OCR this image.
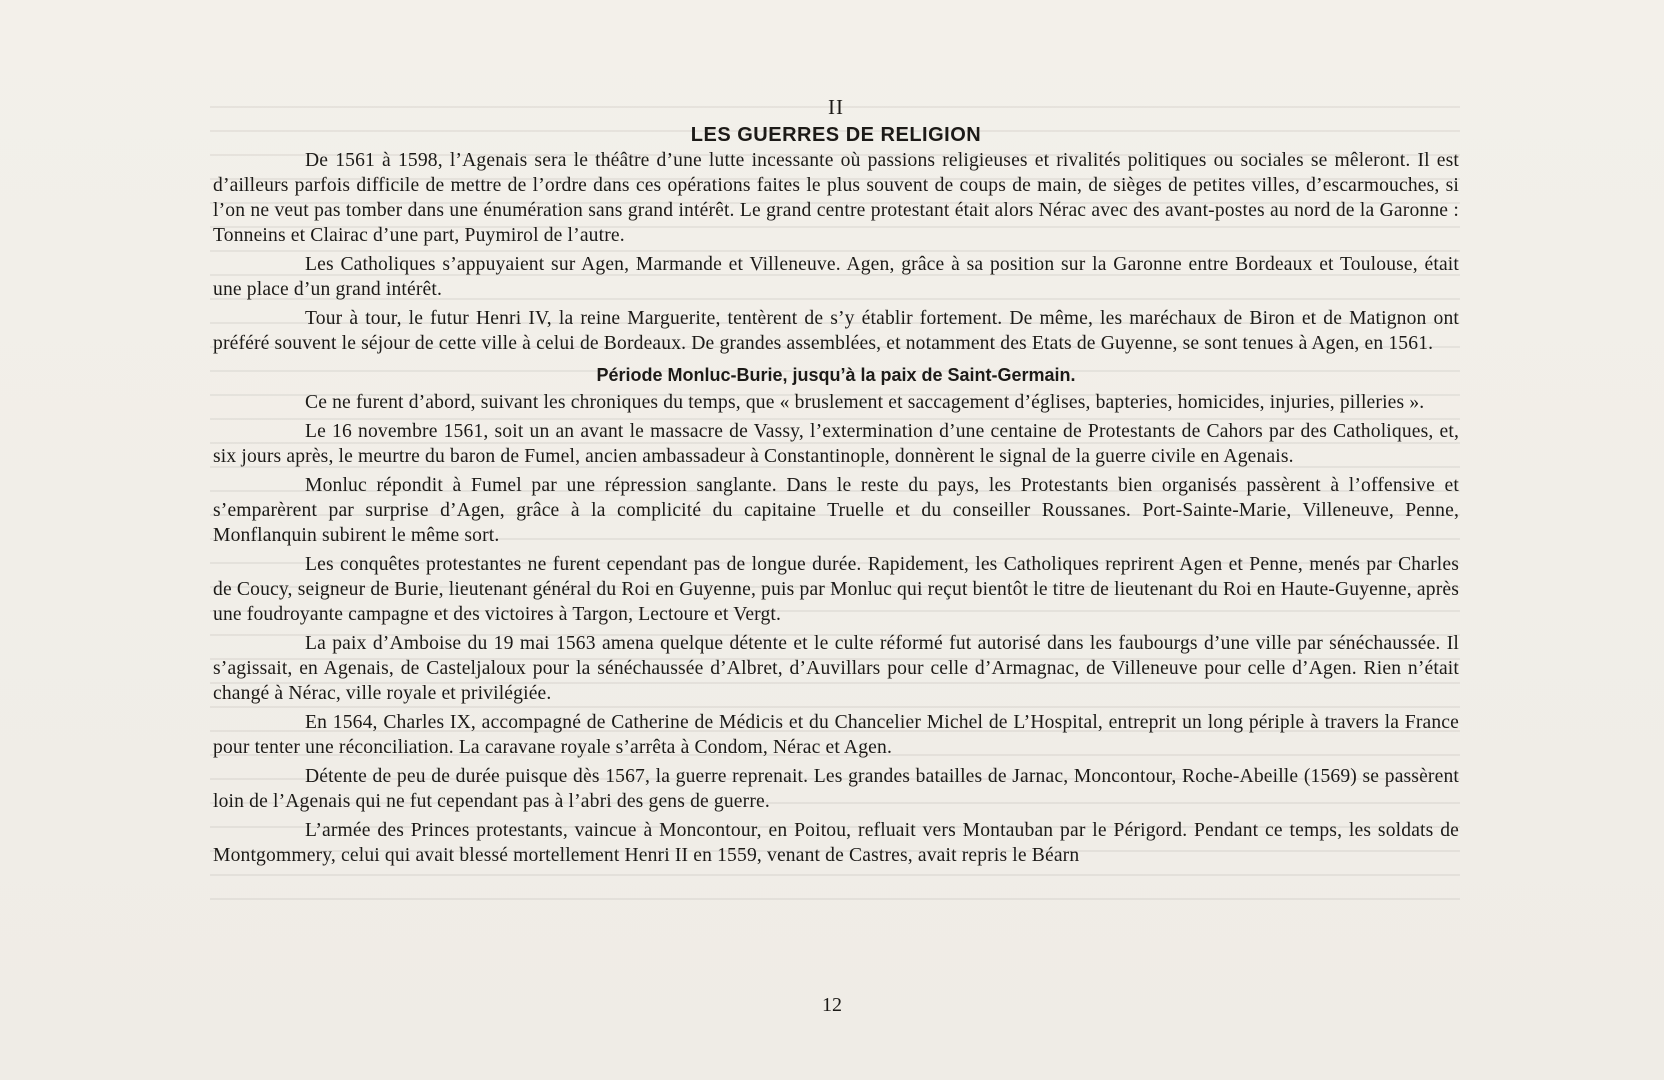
II
LES GUERRES DE RELIGION

De 1561 à 1598, l’Agenais sera le théâtre d’une lutte incessante où passions religieuses et rivalités politiques ou sociales se mêleront. Il est d’ailleurs parfois difficile de mettre de l’ordre dans ces opérations faites le plus souvent de coups de main, de sièges de petites villes, d’escarmouches, si l’on ne veut pas tomber dans une énumération sans grand intérêt. Le grand centre protestant était alors Nérac avec des avant-postes au nord de la Garonne : Tonneins et Clairac d’une part, Puymirol de l’autre.

Les Catholiques s’appuyaient sur Agen, Marmande et Villeneuve. Agen, grâce à sa position sur la Garonne entre Bordeaux et Toulouse, était une place d’un grand intérêt.

Tour à tour, le futur Henri IV, la reine Marguerite, tentèrent de s’y établir fortement. De même, les maréchaux de Biron et de Matignon ont préféré souvent le séjour de cette ville à celui de Bordeaux. De grandes assemblées, et notamment des Etats de Guyenne, se sont tenues à Agen, en 1561.

Période Monluc-Burie, jusqu’à la paix de Saint-Germain.

Ce ne furent d’abord, suivant les chroniques du temps, que « bruslement et saccagement d’églises, bapteries, homicides, injuries, pilleries ».

Le 16 novembre 1561, soit un an avant le massacre de Vassy, l’extermination d’une centaine de Protestants de Cahors par des Catholiques, et, six jours après, le meurtre du baron de Fumel, ancien ambassadeur à Constantinople, donnèrent le signal de la guerre civile en Agenais.

Monluc répondit à Fumel par une répression sanglante. Dans le reste du pays, les Protestants bien organisés passèrent à l’offensive et s’emparèrent par surprise d’Agen, grâce à la complicité du capitaine Truelle et du conseiller Roussanes. Port-Sainte-Marie, Villeneuve, Penne, Monflanquin subirent le même sort.

Les conquêtes protestantes ne furent cependant pas de longue durée. Rapidement, les Catholiques reprirent Agen et Penne, menés par Charles de Coucy, seigneur de Burie, lieutenant général du Roi en Guyenne, puis par Monluc qui reçut bientôt le titre de lieutenant du Roi en Haute-Guyenne, après une foudroyante campagne et des victoires à Targon, Lectoure et Vergt.

La paix d’Amboise du 19 mai 1563 amena quelque détente et le culte réformé fut autorisé dans les faubourgs d’une ville par sénéchaussée. Il s’agissait, en Agenais, de Casteljaloux pour la sénéchaussée d’Albret, d’Auvillars pour celle d’Armagnac, de Villeneuve pour celle d’Agen. Rien n’était changé à Nérac, ville royale et privilégiée.

En 1564, Charles IX, accompagné de Catherine de Médicis et du Chancelier Michel de L’Hospital, entreprit un long périple à travers la France pour tenter une réconciliation. La caravane royale s’arrêta à Condom, Nérac et Agen.

Détente de peu de durée puisque dès 1567, la guerre reprenait. Les grandes batailles de Jarnac, Moncontour, Roche-Abeille (1569) se passèrent loin de l’Agenais qui ne fut cependant pas à l’abri des gens de guerre.

L’armée des Princes protestants, vaincue à Moncontour, en Poitou, refluait vers Montauban par le Périgord. Pendant ce temps, les soldats de Montgommery, celui qui avait blessé mortellement Henri II en 1559, venant de Castres, avait repris le Béarn

12
